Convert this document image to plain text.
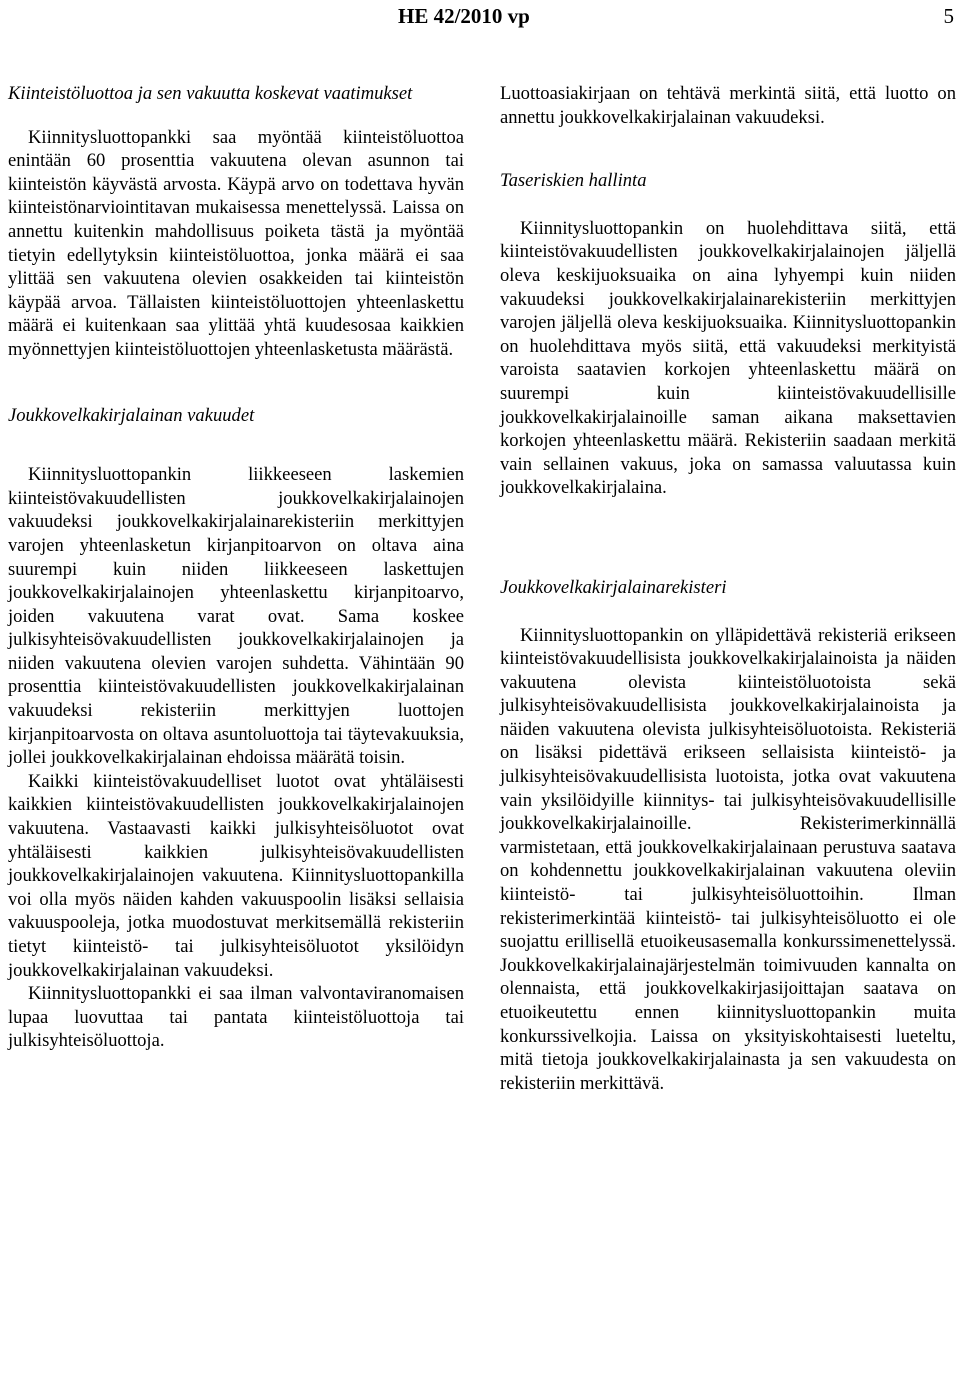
HE 42/2010 vp	5

Kiinteistöluottoa ja sen vakuutta koskevat vaatimukset

Kiinnitysluottopankki saa myöntää kiinteistöluottoa enintään 60 prosenttia vakuutena olevan asunnon tai kiinteistön käyvästä arvosta. Käypä arvo on todettava hyvän kiinteistönarviointitavan mukaisessa menettelyssä. Laissa on annettu kuitenkin mahdollisuus poiketa tästä ja myöntää tietyin edellytyksin kiinteistöluottoa, jonka määrä ei saa ylittää sen vakuutena olevien osakkeiden tai kiinteistön käypää arvoa. Tällaisten kiinteistöluottojen yhteenlaskettu määrä ei kuitenkaan saa ylittää yhtä kuudesosaa kaikkien myönnettyjen kiinteistöluottojen yhteenlasketusta määrästä.

Joukkovelkakirjalainan vakuudet

Kiinnitysluottopankin liikkeeseen laskemien kiinteistövakuudellisten joukkovelkakirjalainojen vakuudeksi joukkovelkakirjalainarekisteriin merkittyjen varojen yhteenlasketun kirjanpitoarvon on oltava aina suurempi kuin niiden liikkeeseen laskettujen joukkovelkakirjalainojen yhteenlaskettu kirjanpitoarvo, joiden vakuutena varat ovat. Sama koskee julkisyhteisövakuudellisten joukkovelkakirjalainojen ja niiden vakuutena olevien varojen suhdetta. Vähintään 90 prosenttia kiinteistövakuudellisten joukkovelkakirjalainan vakuudeksi rekisteriin merkittyjen luottojen kirjanpitoarvosta on oltava asuntoluottoja tai täytevakuuksia, jollei joukkovelkakirjalainan ehdoissa määrätä toisin.

Kaikki kiinteistövakuudelliset luotot ovat yhtäläisesti kaikkien kiinteistövakuudellisten joukkovelkakirjalainojen vakuutena. Vastaavasti kaikki julkisyhteisöluotot ovat yhtäläisesti kaikkien julkisyhteisövakuudellisten joukkovelkakirjalainojen vakuutena. Kiinnitysluottopankilla voi olla myös näiden kahden vakuuspoolin lisäksi sellaisia vakuuspooleja, jotka muodostuvat merkitsemällä rekisteriin tietyt kiinteistö- tai julkisyhteisöluotot yksilöidyn joukkovelkakirjalainan vakuudeksi.

Kiinnitysluottopankki ei saa ilman valvontaviranomaisen lupaa luovuttaa tai pantata kiinteistöluottoja tai julkisyhteisöluottoja.

Luottoasiakirjaan on tehtävä merkintä siitä, että luotto on annettu joukkovelkakirjalainan vakuudeksi.

Taseriskien hallinta

Kiinnitysluottopankin on huolehdittava siitä, että kiinteistövakuudellisten joukkovelkakirjalainojen jäljellä oleva keskijuoksuaika on aina lyhyempi kuin niiden vakuudeksi joukkovelkakirjalainarekisteriin merkittyjen varojen jäljellä oleva keskijuoksuaika. Kiinnitysluottopankin on huolehdittava myös siitä, että vakuudeksi merkityistä varoista saatavien korkojen yhteenlaskettu määrä on suurempi kuin kiinteistövakuudellisille joukkovelkakirjalainoille saman aikana maksettavien korkojen yhteenlaskettu määrä. Rekisteriin saadaan merkitä vain sellainen vakuus, joka on samassa valuutassa kuin joukkovelkakirjalaina.

Joukkovelkakirjalainarekisteri

Kiinnitysluottopankin on ylläpidettävä rekisteriä erikseen kiinteistövakuudellisista joukkovelkakirjalainoista ja näiden vakuutena olevista kiinteistöluotoista sekä julkisyhteisövakuudellisista joukkovelkakirjalainoista ja näiden vakuutena olevista julkisyhteisöluotoista. Rekisteriä on lisäksi pidettävä erikseen sellaisista kiinteistö- ja julkisyhteisövakuudellisista luotoista, jotka ovat vakuutena vain yksilöidyille kiinnitys- tai julkisyhteisövakuudellisille joukkovelkakirjalainoille. Rekisterimerkinnällä varmistetaan, että joukkovelkakirjalainaan perustuva saatava on kohdennettu joukkovelkakirjalainan vakuutena oleviin kiinteistö- tai julkisyhteisöluottoihin. Ilman rekisterimerkintää kiinteistö- tai julkisyhteisöluotto ei ole suojattu erillisellä etuoikeusasemalla konkurssimenettelyssä. Joukkovelkakirjalainajärjestelmän toimivuuden kannalta on olennaista, että joukkovelkakirjasijoittajan saatava on etuoikeutettu ennen kiinnitysluottopankin muita konkurssivelkojia. Laissa on yksityiskohtaisesti lueteltu, mitä tietoja joukkovelkakirjalainasta ja sen vakuudesta on rekisteriin merkittävä.
